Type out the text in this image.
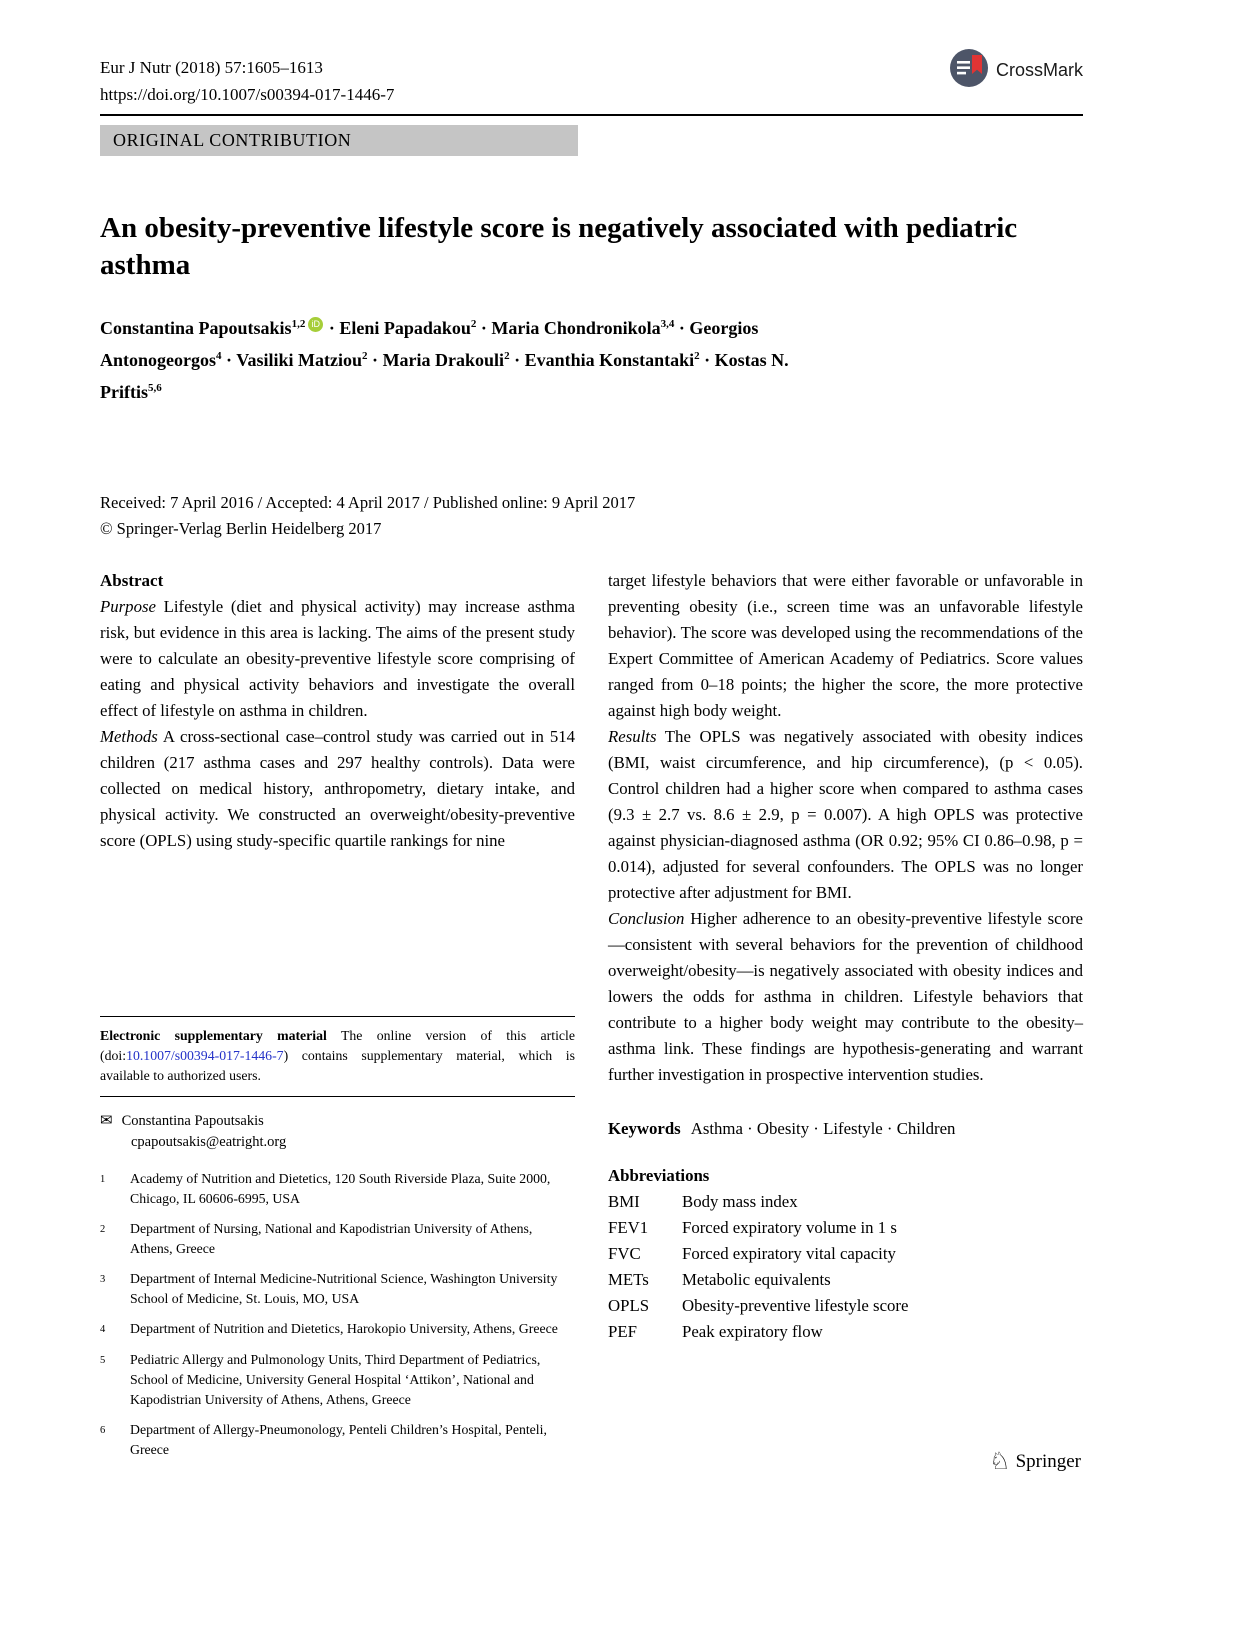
Eur J Nutr (2018) 57:1605–1613
https://doi.org/10.1007/s00394-017-1446-7
CrossMark
ORIGINAL CONTRIBUTION
An obesity-preventive lifestyle score is negatively associated with pediatric asthma
Constantina Papoutsakis$^{1,2}$ iD · Eleni Papadakou$^2$ · Maria Chondronikola$^{3,4}$ · Georgios Antonogeorgos$^4$ · Vasiliki Matziou$^2$ · Maria Drakouli$^2$ · Evanthia Konstantaki$^2$ · Kostas N. Priftis$^{5,6}$
Received: 7 April 2016 / Accepted: 4 April 2017 / Published online: 9 April 2017
© Springer-Verlag Berlin Heidelberg 2017

Abstract

Purpose Lifestyle (diet and physical activity) may increase asthma risk, but evidence in this area is lacking. The aims of the present study were to calculate an obesity-preventive lifestyle score comprising of eating and physical activity behaviors and investigate the overall effect of lifestyle on asthma in children.

Methods A cross-sectional case–control study was carried out in 514 children (217 asthma cases and 297 healthy controls). Data were collected on medical history, anthropometry, dietary intake, and physical activity. We constructed an overweight/obesity-preventive score (OPLS) using study-specific quartile rankings for nine

Electronic supplementary material The online version of this article (doi:10.1007/s00394-017-1446-7) contains supplementary material, which is available to authorized users.

✉ Constantina Papoutsakis
cpapoutsakis@eatright.org
1	Academy of Nutrition and Dietetics, 120 South Riverside Plaza, Suite 2000, Chicago, IL 60606-6995, USA
2	Department of Nursing, National and Kapodistrian University of Athens, Athens, Greece
3	Department of Internal Medicine-Nutritional Science, Washington University School of Medicine, St. Louis, MO, USA
4	Department of Nutrition and Dietetics, Harokopio University, Athens, Greece
5	Pediatric Allergy and Pulmonology Units, Third Department of Pediatrics, School of Medicine, University General Hospital ‘Attikon’, National and Kapodistrian University of Athens, Athens, Greece
6	Department of Allergy-Pneumonology, Penteli Children’s Hospital, Penteli, Greece

target lifestyle behaviors that were either favorable or unfavorable in preventing obesity (i.e., screen time was an unfavorable lifestyle behavior). The score was developed using the recommendations of the Expert Committee of American Academy of Pediatrics. Score values ranged from 0–18 points; the higher the score, the more protective against high body weight.

Results The OPLS was negatively associated with obesity indices (BMI, waist circumference, and hip circumference), (p < 0.05). Control children had a higher score when compared to asthma cases (9.3 ± 2.7 vs. 8.6 ± 2.9, p = 0.007). A high OPLS was protective against physician-diagnosed asthma (OR 0.92; 95% CI 0.86–0.98, p = 0.014), adjusted for several confounders. The OPLS was no longer protective after adjustment for BMI.

Conclusion Higher adherence to an obesity-preventive lifestyle score—consistent with several behaviors for the prevention of childhood overweight/obesity—is negatively associated with obesity indices and lowers the odds for asthma in children. Lifestyle behaviors that contribute to a higher body weight may contribute to the obesity–asthma link. These findings are hypothesis-generating and warrant further investigation in prospective intervention studies.

Keywords Asthma · Obesity · Lifestyle · Children

Abbreviations

BMI	Body mass index
FEV1	Forced expiratory volume in 1 s
FVC	Forced expiratory vital capacity
METs	Metabolic equivalents
OPLS	Obesity-preventive lifestyle score
PEF	Peak expiratory flow
♘ Springer
